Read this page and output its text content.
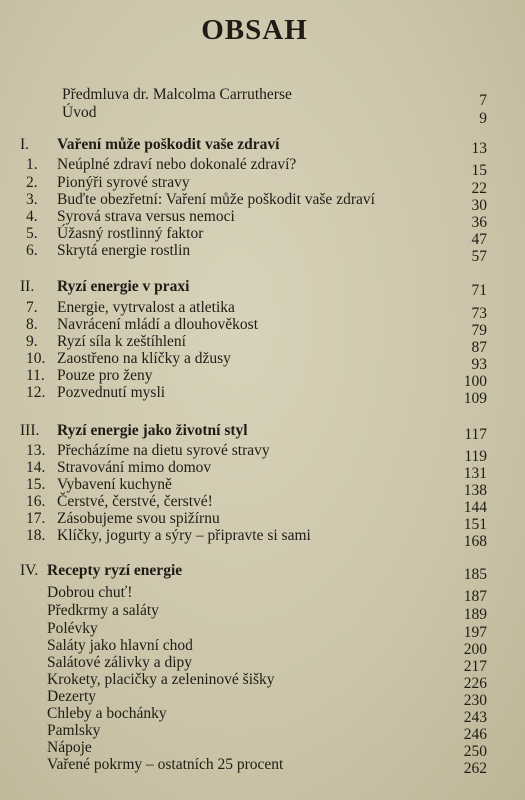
OBSAH
Předmluva dr. Malcolma Carrutherse	7
Úvod	9
I. Vaření může poškodit vaše zdraví	13
1. Neúplné zdraví nebo dokonalé zdraví?	15
2. Pionýři syrové stravy	22
3. Buďte obezřetní: Vaření může poškodit vaše zdraví	30
4. Syrová strava versus nemoci	36
5. Úžasný rostlinný faktor	47
6. Skrytá energie rostlin	57
II. Ryzí energie v praxi	71
7. Energie, vytrvalost a atletika	73
8. Navrácení mládí a dlouhověkost	79
9. Ryzí síla k zeštíhlení	87
10. Zaostřeno na klíčky a džusy	93
11. Pouze pro ženy	100
12. Pozvednutí mysli	109
III. Ryzí energie jako životní styl	117
13. Přecházíme na dietu syrové stravy	119
14. Stravování mimo domov	131
15. Vybavení kuchyně	138
16. Čerstvé, čerstvé, čerstvé!	144
17. Zásobujeme svou spižírnu	151
18. Klíčky, jogurty a sýry – připravte si sami	168
IV. Recepty ryzí energie	185
Dobrou chuť!	187
Předkrmy a saláty	189
Polévky	197
Saláty jako hlavní chod	200
Salátové zálivky a dipy	217
Krokety, placičky a zeleninové šišky	226
Dezerty	230
Chleby a bochánky	243
Pamlsky	246
Nápoje	250
Vařené pokrmy – ostatních 25 procent	262
